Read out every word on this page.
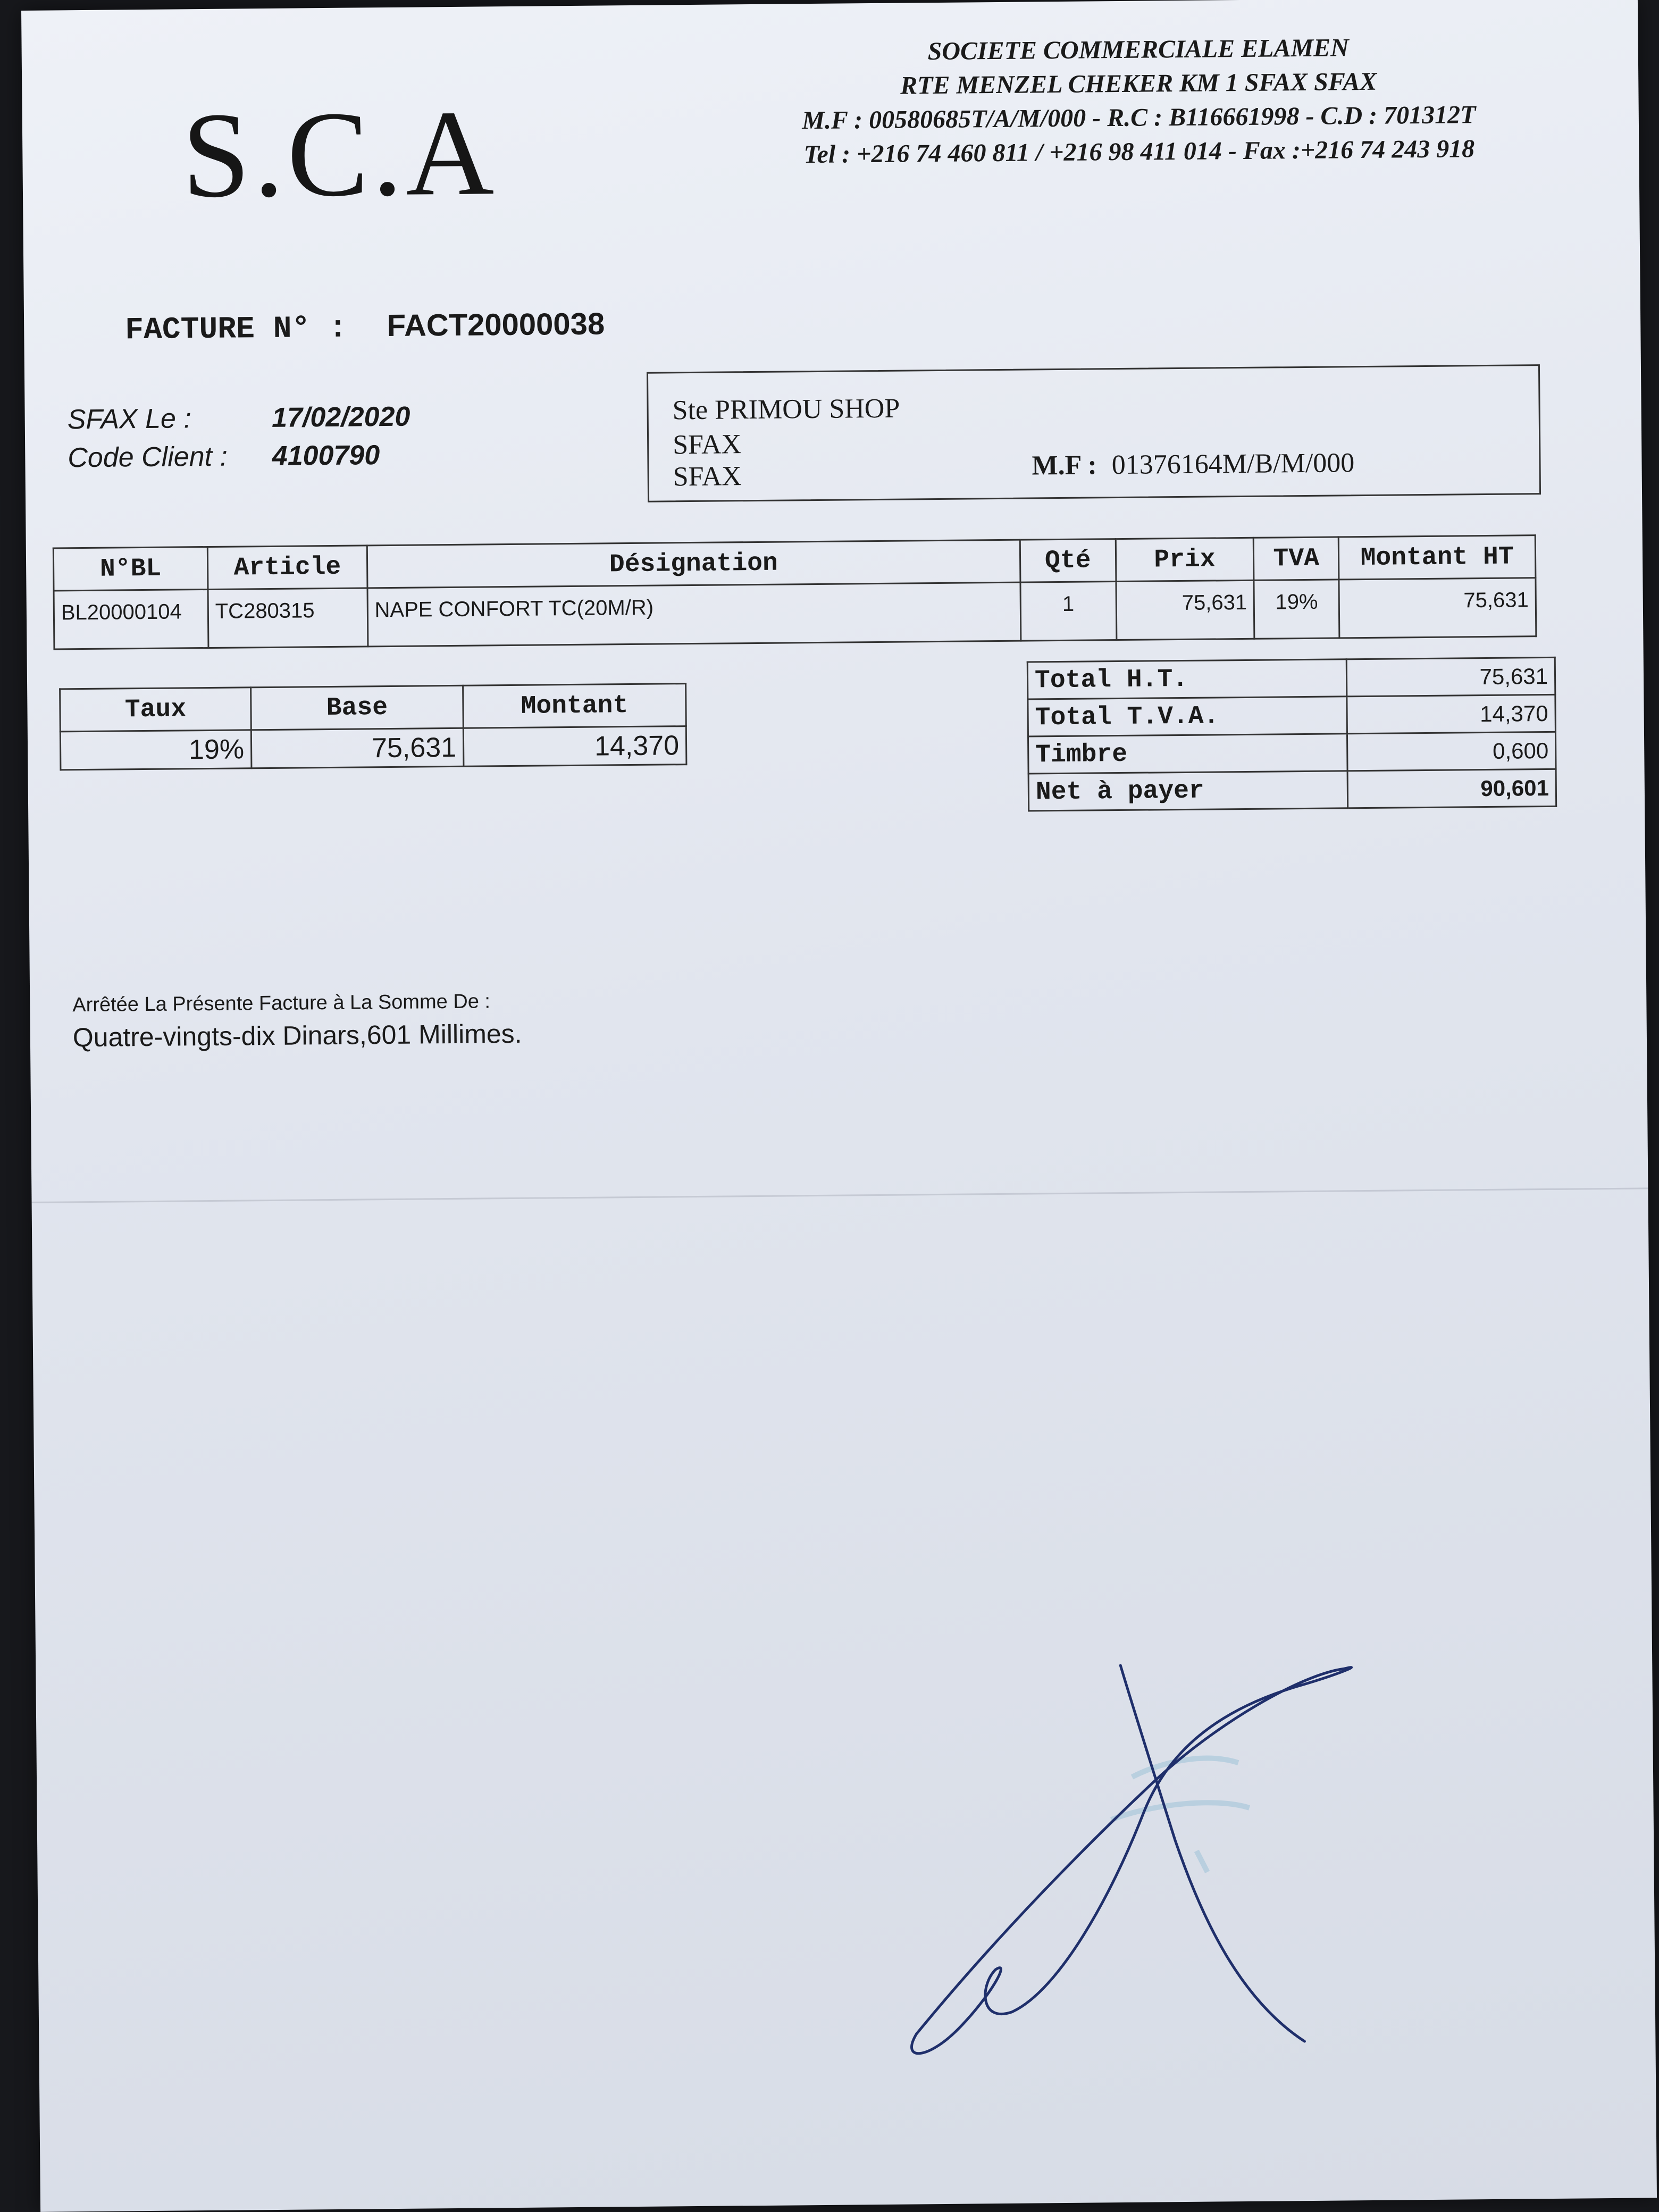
S.C.A
SOCIETE COMMERCIALE ELAMEN
RTE MENZEL CHEKER KM 1 SFAX SFAX
M.F : 00580685T/A/M/000 - R.C : B116661998 - C.D : 701312T
Tel : +216 74 460 811 / +216 98 411 014 - Fax :+216 74 243 918
FACTURE N° : FACT20000038
SFAX Le :	17/02/2020
Code Client : 4100790
Ste PRIMOU SHOP
SFAX
SFAX	M.F : 01376164M/B/M/000
N°BL	Article	Désignation	Qté	Prix	TVA	Montant HT
BL20000104	TC280315	NAPE CONFORT TC(20M/R)	1	75,631	19%	75,631
Taux	Base	Montant
19%	75,631	14,370
Total H.T.	75,631
Total T.V.A.	14,370
Timbre	0,600
Net à payer	90,601
Arrêtée La Présente Facture à La Somme De :
Quatre-vingts-dix Dinars,601 Millimes.
